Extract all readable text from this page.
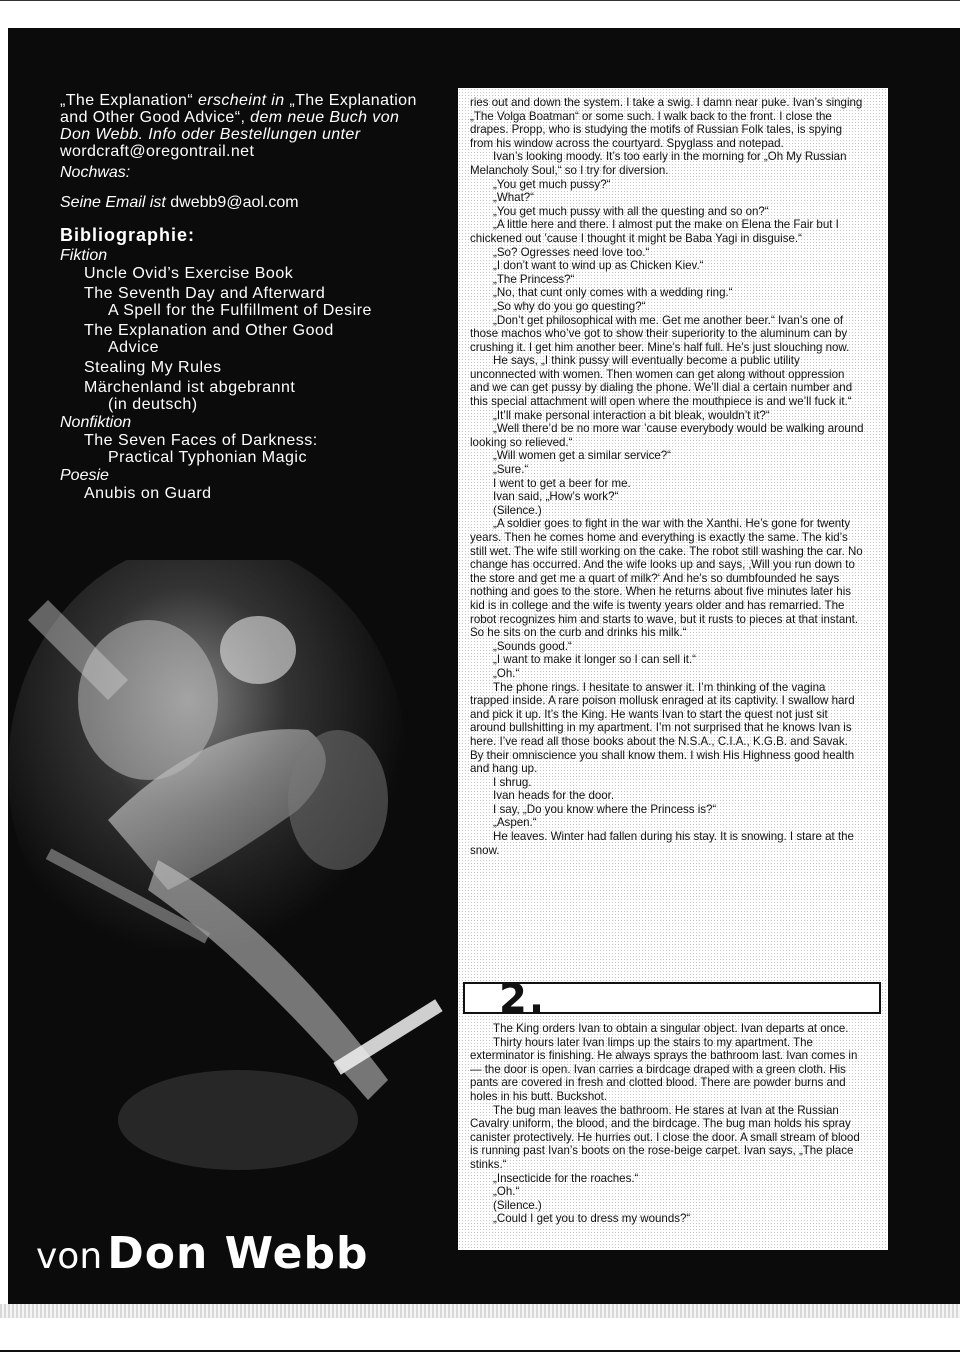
„The Explanation“ erscheint in „The Explanation and Other Good Advice“, dem neue Buch von Don Webb. Info oder Bestellungen unter
wordcraft@oregontrail.net
Nochwas:
Seine Email ist dwebb9@aol.com
Bibliographie:
Fiktion
Uncle Ovid’s Exercise Book
The Seventh Day and Afterward
A Spell for the Fulfillment of Desire
The Explanation and Other Good
Advice
Stealing My Rules
Märchenland ist abgebrannt
(in deutsch)
Nonfiktion
The Seven Faces of Darkness:
Practical Typhonian Magic
Poesie
Anubis on Guard
von Don Webb

ries out and down the system. I take a swig. I damn near puke. Ivan’s singing „The Volga Boatman“ or some such. I walk back to the front. I close the drapes. Propp, who is studying the motifs of Russian Folk tales, is spying from his window across the courtyard. Spyglass and notepad.

Ivan’s looking moody. It’s too early in the morning for „Oh My Russian Melancholy Soul,“ so I try for diversion.

„You get much pussy?“

„What?“

„You get much pussy with all the questing and so on?“

„A little here and there. I almost put the make on Elena the Fair but I chickened out ’cause I thought it might be Baba Yagi in disguise.“

„So? Ogresses need love too.“

„I don’t want to wind up as Chicken Kiev.“

„The Princess?“

„No, that cunt only comes with a wedding ring.“

„So why do you go questing?“

„Don’t get philosophical with me. Get me another beer.“ Ivan’s one of those machos who’ve got to show their superiority to the aluminum can by crushing it. I get him another beer. Mine’s half full. He’s just slouching now.

He says, „I think pussy will eventually become a public utility unconnected with women. Then women can get along without oppression and we can get pussy by dialing the phone. We’ll dial a certain number and this special attachment will open where the mouthpiece is and we’ll fuck it.“

„It’ll make personal interaction a bit bleak, wouldn’t it?“

„Well there’d be no more war ’cause everybody would be walking around looking so relieved.“

„Will women get a similar service?“

„Sure.“

I went to get a beer for me.

Ivan said, „How’s work?“

(Silence.)

„A soldier goes to fight in the war with the Xanthi. He’s gone for twenty years. Then he comes home and everything is exactly the same. The kid’s still wet. The wife still working on the cake. The robot still washing the car. No change has occurred. And the wife looks up and says, ‚Will you run down to the store and get me a quart of milk?‘ And he’s so dumbfounded he says nothing and goes to the store. When he returns about five minutes later his kid is in college and the wife is twenty years older and has remarried. The robot recognizes him and starts to wave, but it rusts to pieces at that instant. So he sits on the curb and drinks his milk.“

„Sounds good.“

„I want to make it longer so I can sell it.“

„Oh.“

The phone rings. I hesitate to answer it. I’m thinking of the vagina trapped inside. A rare poison mollusk enraged at its captivity. I swallow hard and pick it up. It’s the King. He wants Ivan to start the quest not just sit around bullshitting in my apartment. I’m not surprised that he knows Ivan is here. I’ve read all those books about the N.S.A., C.I.A., K.G.B. and Savak. By their omniscience you shall know them. I wish His Highness good health and hang up.

I shrug.

Ivan heads for the door.

I say, „Do you know where the Princess is?“

„Aspen.“

He leaves. Winter had fallen during his stay. It is snowing. I stare at the snow.

2.

The King orders Ivan to obtain a singular object. Ivan departs at once.

Thirty hours later Ivan limps up the stairs to my apartment. The exterminator is finishing. He always sprays the bathroom last. Ivan comes in — the door is open. Ivan carries a birdcage draped with a green cloth. His pants are covered in fresh and clotted blood. There are powder burns and holes in his butt. Buckshot.

The bug man leaves the bathroom. He stares at Ivan at the Russian Cavalry uniform, the blood, and the birdcage. The bug man holds his spray canister protectively. He hurries out. I close the door. A small stream of blood is running past Ivan’s boots on the rose-beige carpet. Ivan says, „The place stinks.“

„Insecticide for the roaches.“

„Oh.“

(Silence.)

„Could I get you to dress my wounds?“
